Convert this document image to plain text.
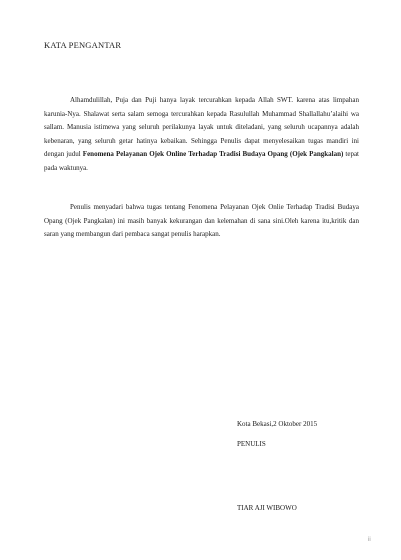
KATA PENGANTAR

Alhamdulillah, Puja dan Puji hanya layak tercurahkan kepada Allah SWT. karena atas limpahan karunia-Nya. Shalawat serta salam semoga tercurahkan kepada Rasulullah Muhammad Shallallahu’alaihi wa sallam. Manusia istimewa yang seluruh perilakunya layak untuk diteladani, yang seluruh ucapannya adalah kebenaran, yang seluruh getar hatinya kebaikan. Sehingga Penulis dapat menyelesaikan tugas mandiri ini dengan judul Fenomena Pelayanan Ojek Online Terhadap Tradisi Budaya Opang (Ojek Pangkalan) tepat pada waktunya.

Penulis menyadari bahwa tugas tentang Fenomena Pelayanan Ojek Onlie Terhadap Tradisi Budaya Opang (Ojek Pangkalan) ini masih banyak kekurangan dan kelemahan di sana sini.Oleh karena itu,kritik dan saran yang membangun dari pembaca sangat penulis harapkan.

Kota Bekasi,2 Oktober 2015
PENULIS
TIAR AJI WIBOWO
ii
